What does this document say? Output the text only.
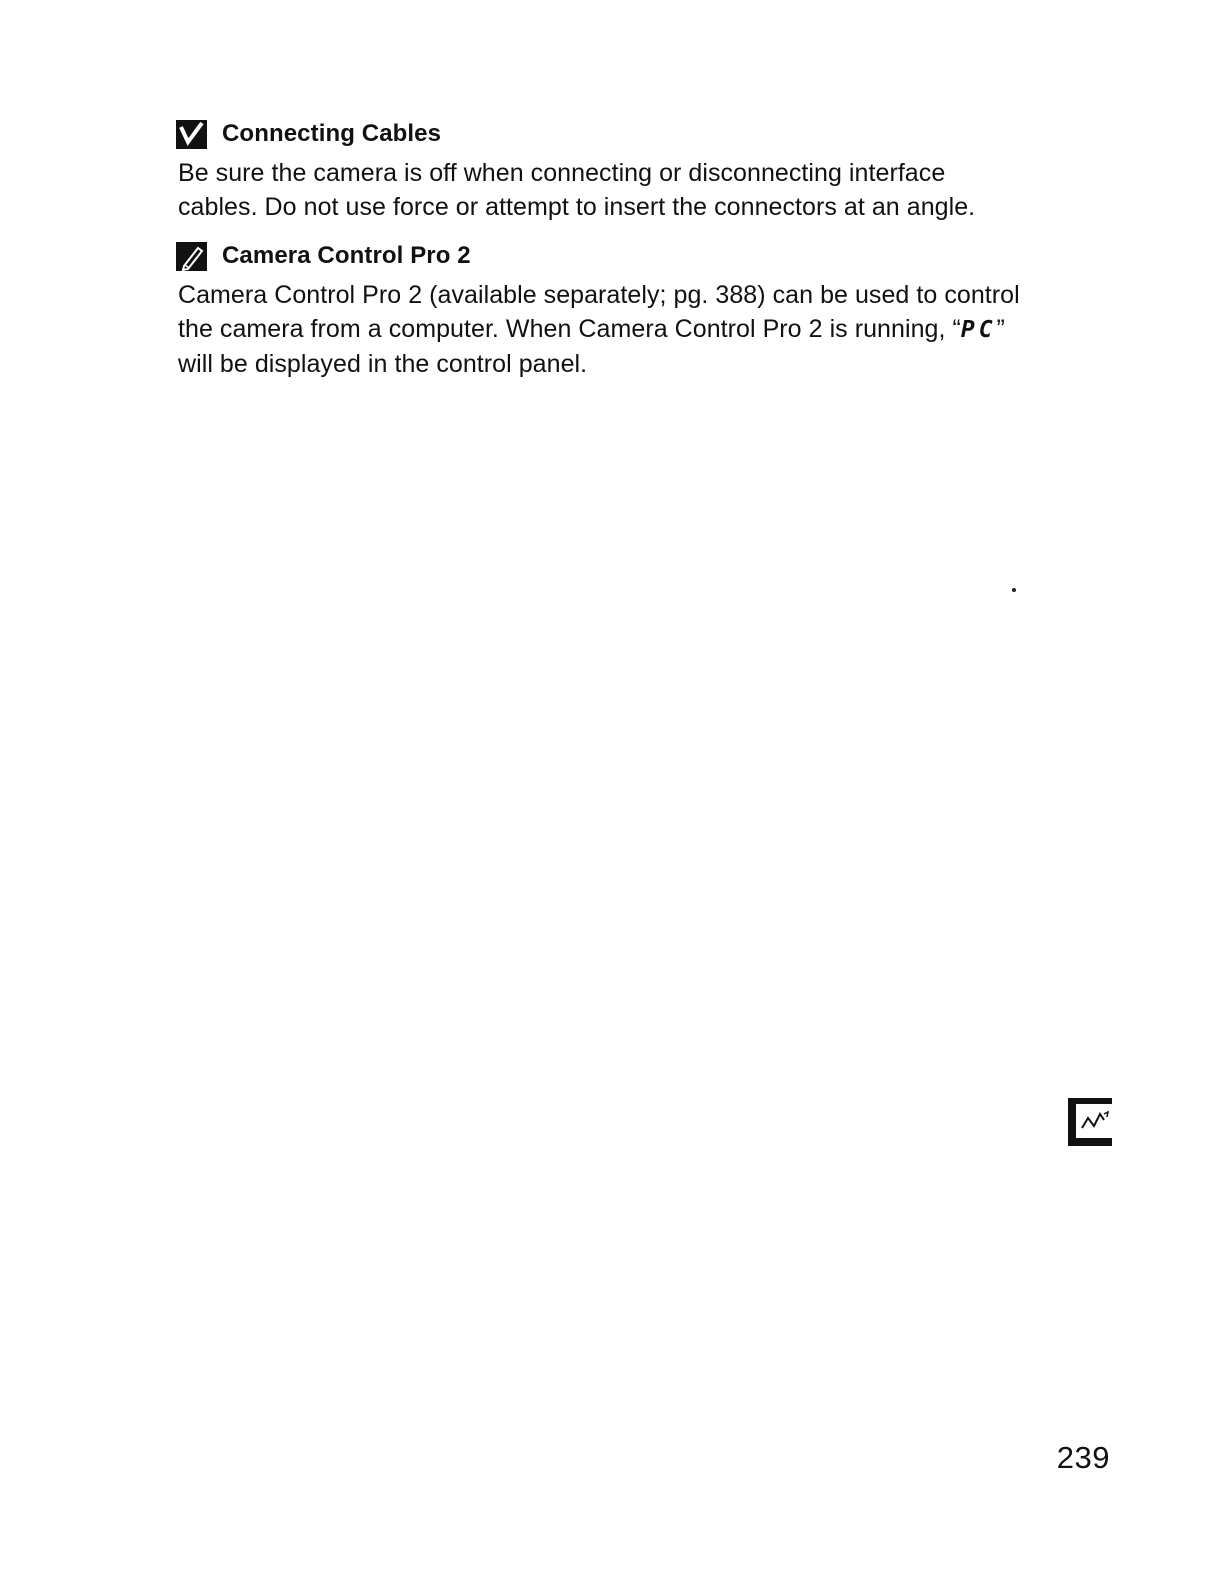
Connecting Cables

Be sure the camera is off when connecting or disconnecting interface

cables. Do not use force or attempt to insert the connectors at an angle.

Camera Control Pro 2

Camera Control Pro 2 (available separately; pg. 388) can be used to control

the camera from a computer. When Camera Control Pro 2 is running, “PC”

will be displayed in the control panel.

239
